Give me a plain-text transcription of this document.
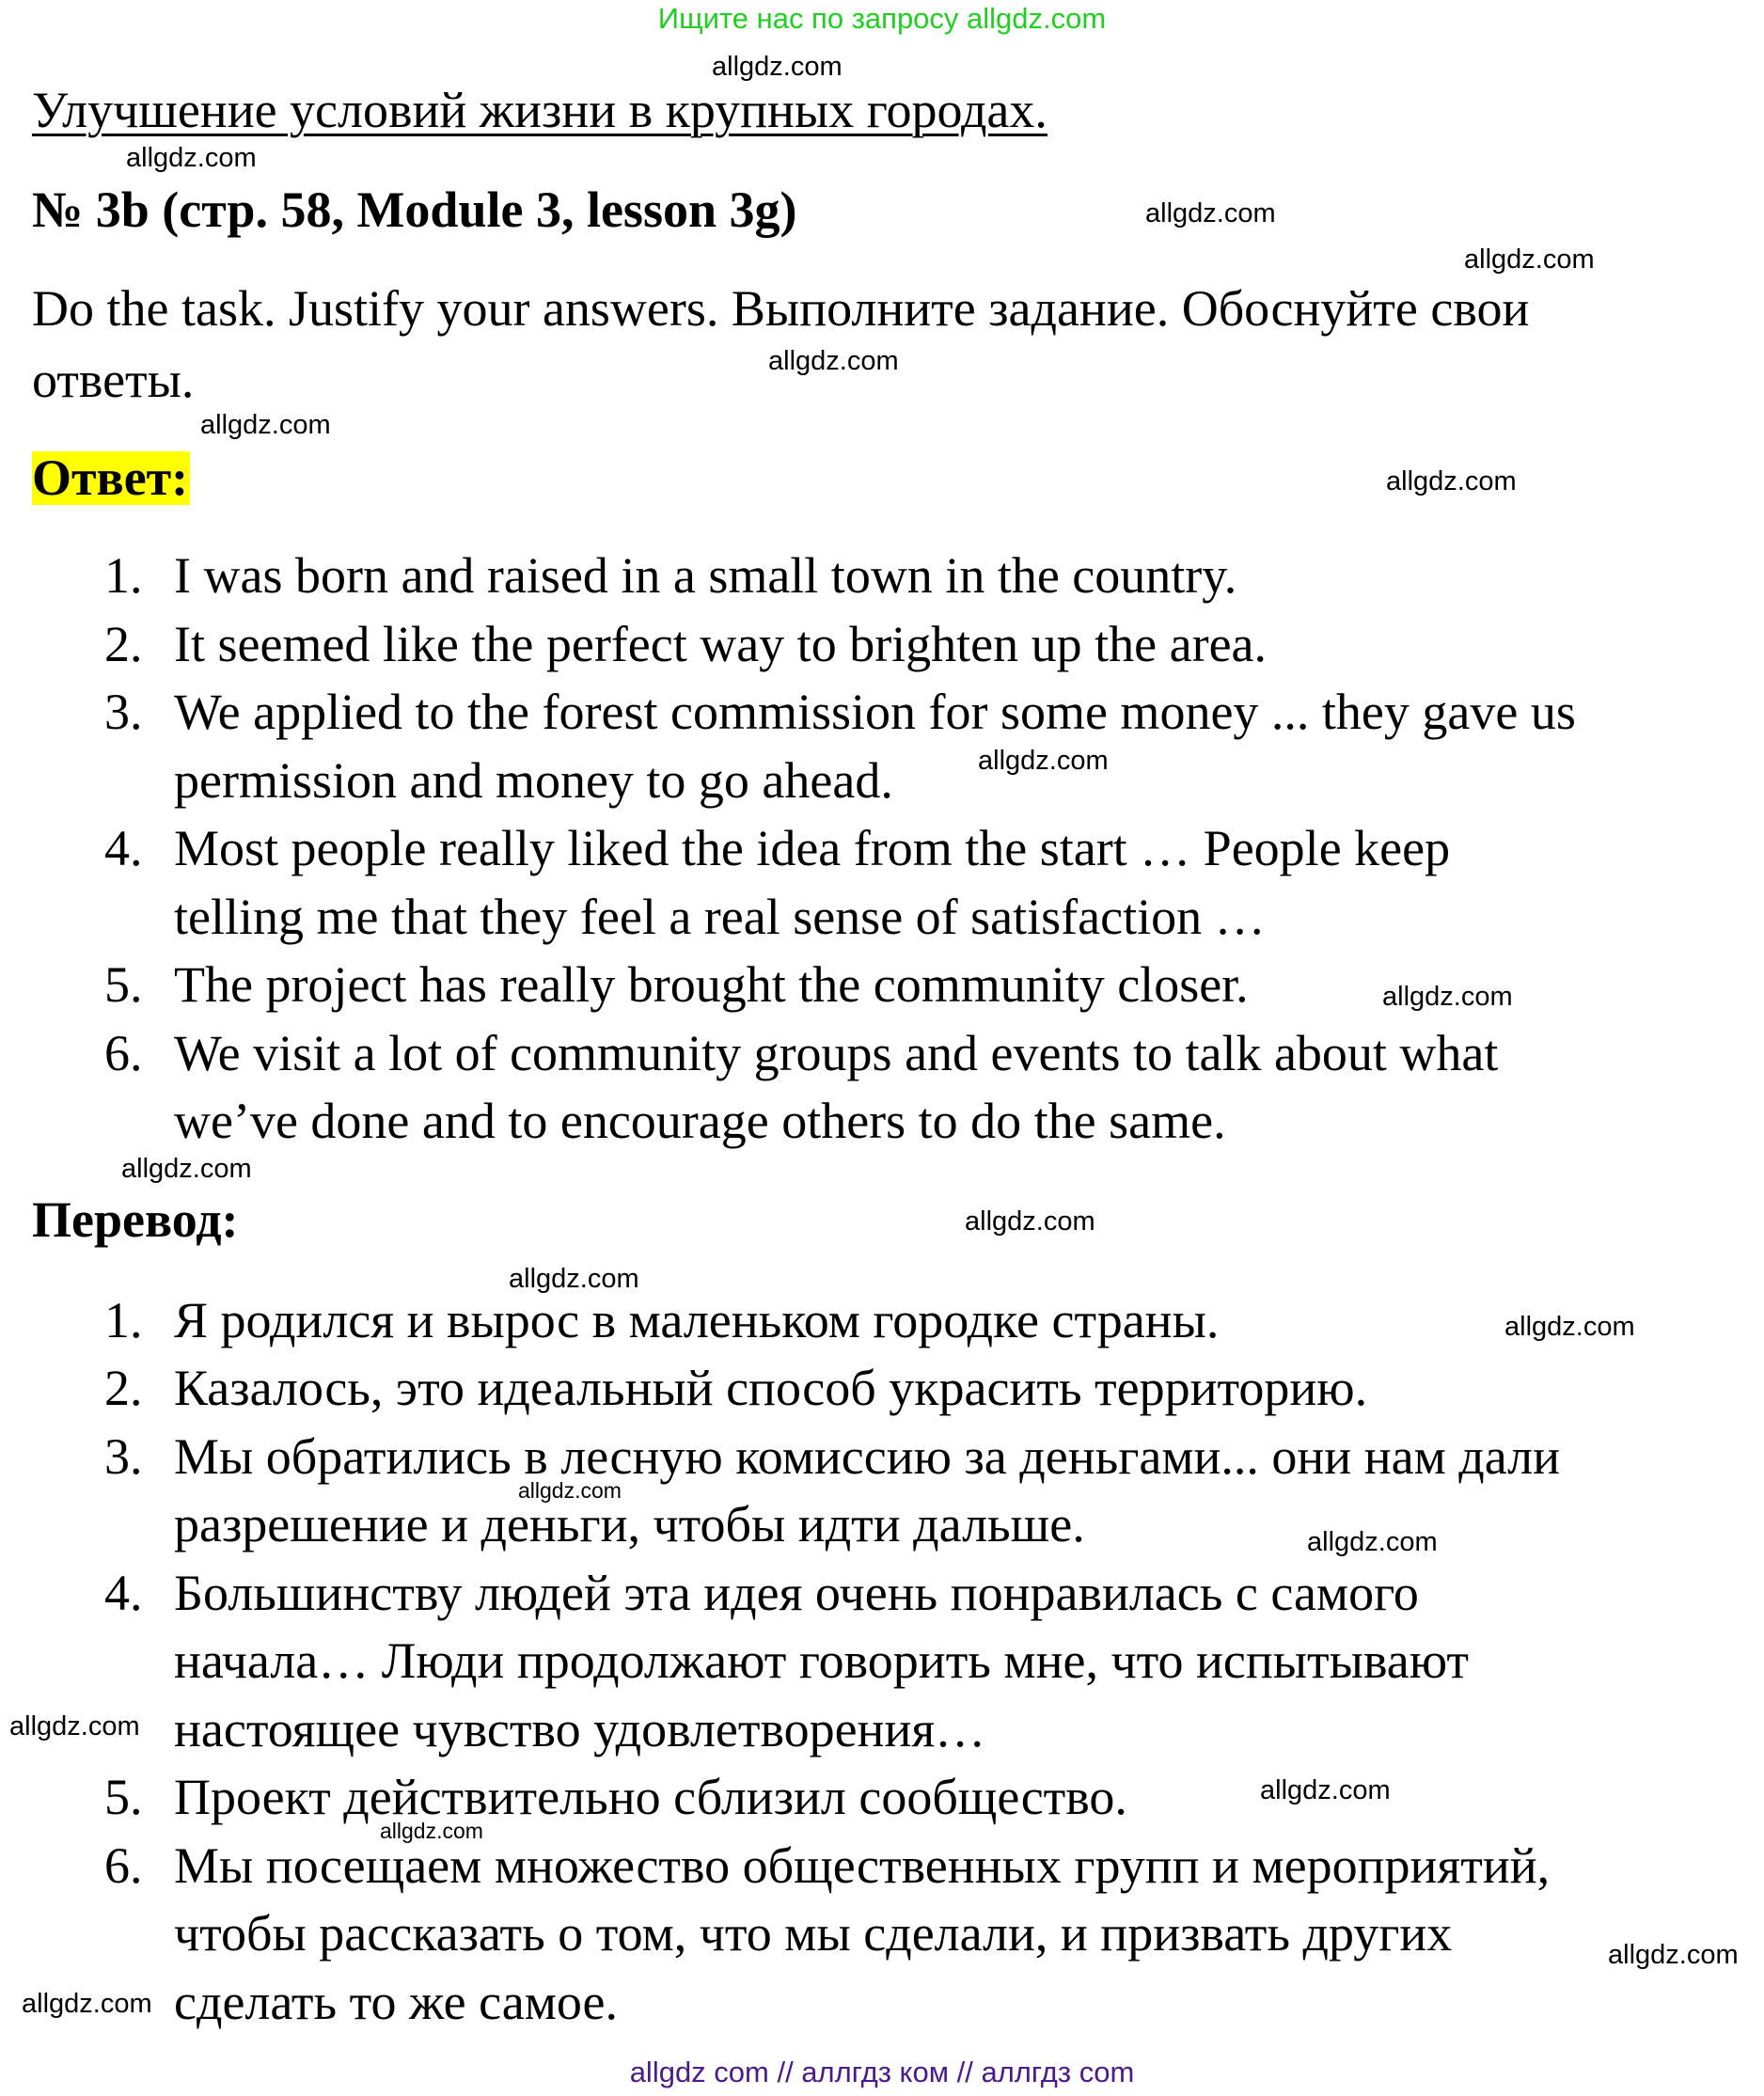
Ищите нас по запросу allgdz.com
Улучшение условий жизни в крупных городах.
№ 3b (стр. 58, Module 3, lesson 3g)
Do the task. Justify your answers. Выполните задание. Обоснуйте свои
ответы.
Ответ:
1. I was born and raised in a small town in the country.
2. It seemed like the perfect way to brighten up the area.
3. We applied to the forest commission for some money ... they gave us
permission and money to go ahead.
4. Most people really liked the idea from the start … People keep
telling me that they feel a real sense of satisfaction …
5. The project has really brought the community closer.
6. We visit a lot of community groups and events to talk about what
we’ve done and to encourage others to do the same.
Перевод:
1. Я родился и вырос в маленьком городке страны.
2. Казалось, это идеальный способ украсить территорию.
3. Мы обратились в лесную комиссию за деньгами... они нам дали
разрешение и деньги, чтобы идти дальше.
4. Большинству людей эта идея очень понравилась с самого
начала… Люди продолжают говорить мне, что испытывают
настоящее чувство удовлетворения…
5. Проект действительно сблизил сообщество.
6. Мы посещаем множество общественных групп и мероприятий,
чтобы рассказать о том, что мы сделали, и призвать других
сделать то же самое.
allgdz.com
allgdz.com
allgdz.com
allgdz.com
allgdz.com
allgdz.com
allgdz.com
allgdz.com
allgdz.com
allgdz.com
allgdz.com
allgdz.com
allgdz.com
allgdz.com
allgdz.com
allgdz.com
allgdz.com
allgdz.com
allgdz.com
allgdz.com
allgdz com // аллгдз ком // аллгдз com
